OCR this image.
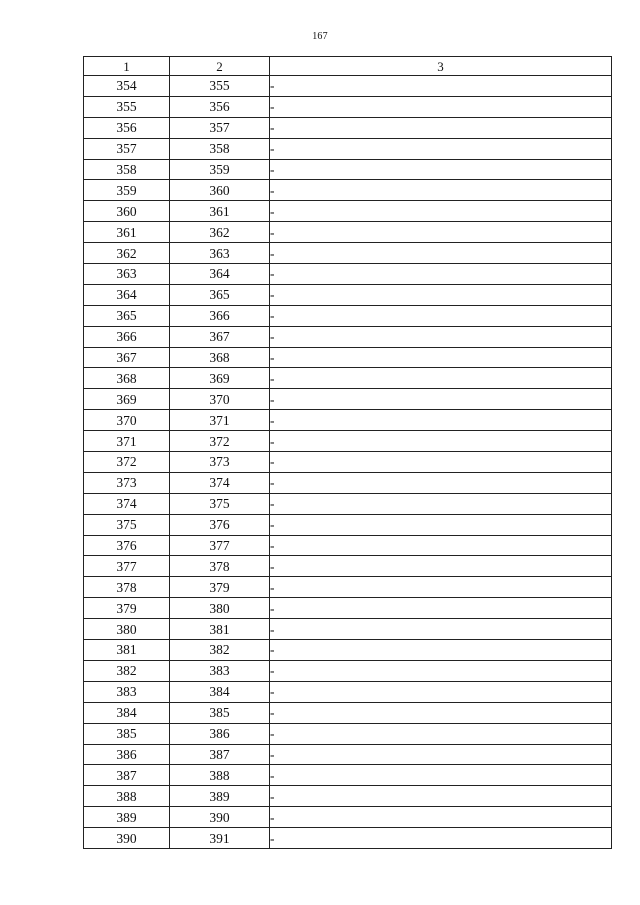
167
1	2	3
354	355	-
355	356	-
356	357	-
357	358	-
358	359	-
359	360	-
360	361	-
361	362	-
362	363	-
363	364	-
364	365	-
365	366	-
366	367	-
367	368	-
368	369	-
369	370	-
370	371	-
371	372	-
372	373	-
373	374	-
374	375	-
375	376	-
376	377	-
377	378	-
378	379	-
379	380	-
380	381	-
381	382	-
382	383	-
383	384	-
384	385	-
385	386	-
386	387	-
387	388	-
388	389	-
389	390	-
390	391	-
